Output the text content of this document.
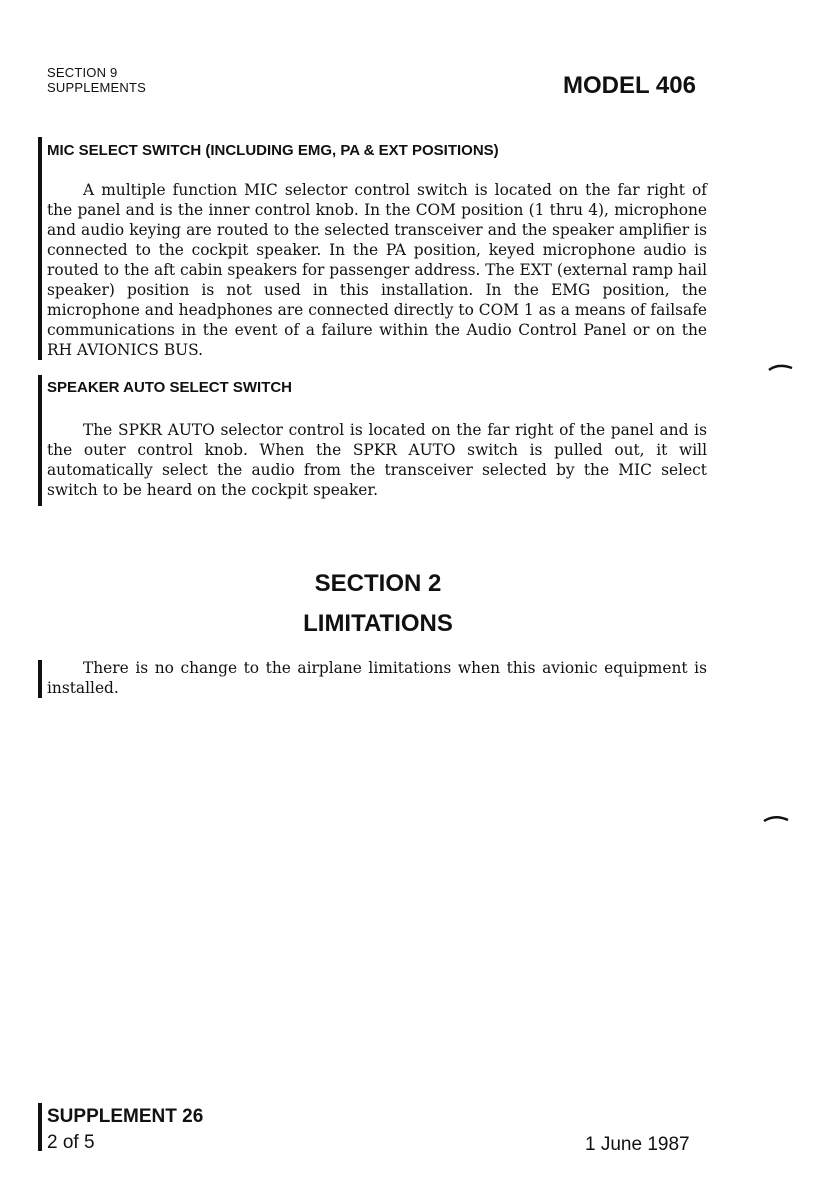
SECTION 9
SUPPLEMENTS	MODEL 406
MIC SELECT SWITCH (INCLUDING EMG, PA & EXT POSITIONS)

A multiple function MIC selector control switch is located on the far right of the panel and is the inner control knob. In the COM position (1 thru 4), microphone and audio keying are routed to the selected transceiver and the speaker amplifier is connected to the cockpit speaker. In the PA position, keyed microphone audio is routed to the aft cabin speakers for passenger address. The EXT (external ramp hail speaker) position is not used in this installation. In the EMG position, the microphone and headphones are connected directly to COM 1 as a means of failsafe communications in the event of a failure within the Audio Control Panel or on the RH AVIONICS BUS.

SPEAKER AUTO SELECT SWITCH

The SPKR AUTO selector control is located on the far right of the panel and is the outer control knob. When the SPKR AUTO switch is pulled out, it will automatically select the audio from the transceiver selected by the MIC select switch to be heard on the cockpit speaker.

SECTION 2
LIMITATIONS

There is no change to the airplane limitations when this avionic equipment is installed.

SUPPLEMENT 26
2 of 5	1 June 1987
